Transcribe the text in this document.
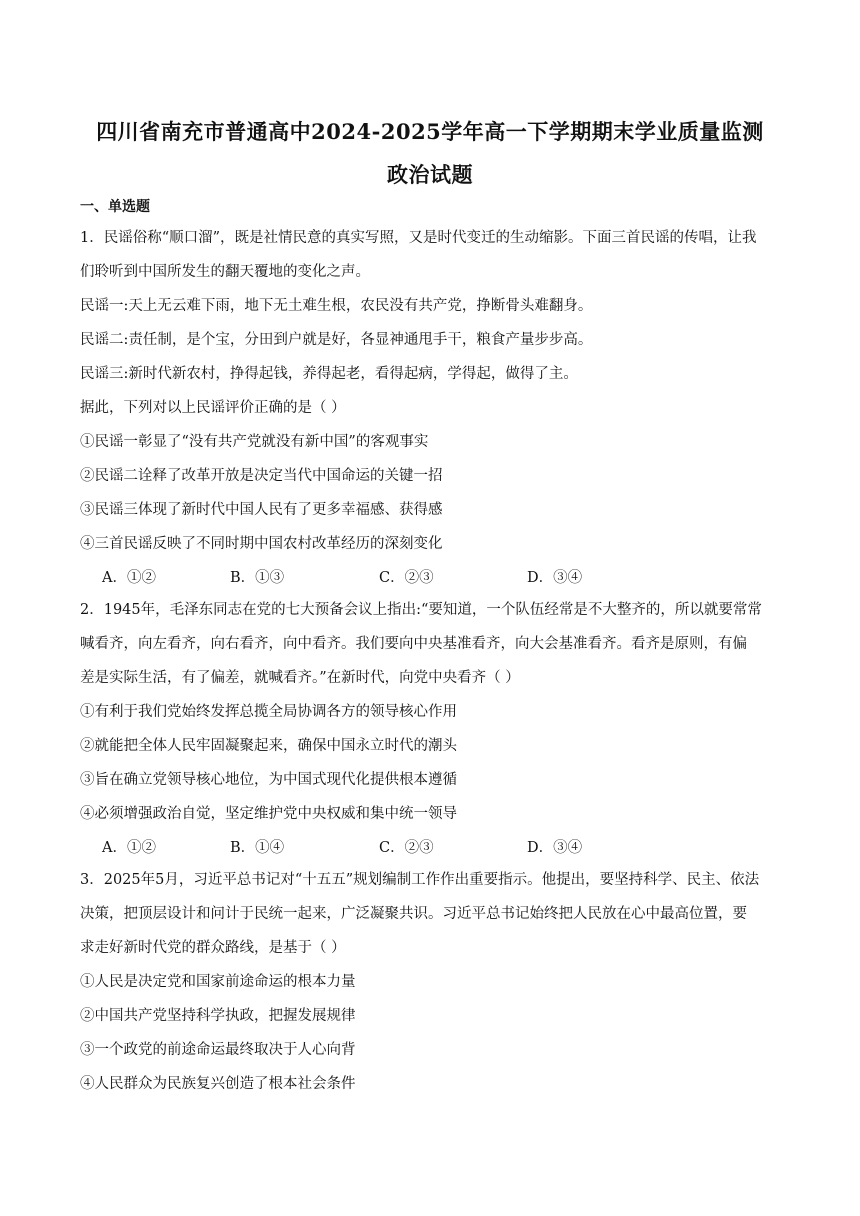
四川省南充市普通高中2024-2025学年高一下学期期末学业质量监测
政治试题
一、单选题
1．民谣俗称“顺口溜”，既是社情民意的真实写照，又是时代变迁的生动缩影。下面三首民谣的传唱，让我
们聆听到中国所发生的翻天覆地的变化之声。
民谣一:天上无云难下雨，地下无土难生根，农民没有共产党，挣断骨头难翻身。
民谣二:责任制，是个宝，分田到户就是好，各显神通甩手干，粮食产量步步高。
民谣三:新时代新农村，挣得起钱，养得起老，看得起病，学得起，做得了主。
据此，下列对以上民谣评价正确的是（ ）
①民谣一彰显了“没有共产党就没有新中国”的客观事实
②民谣二诠释了改革开放是决定当代中国命运的关键一招
③民谣三体现了新时代中国人民有了更多幸福感、获得感
④三首民谣反映了不同时期中国农村改革经历的深刻变化
A．①②	B．①③	C．②③	D．③④
2．1945年，毛泽东同志在党的七大预备会议上指出:“要知道，一个队伍经常是不大整齐的，所以就要常常
喊看齐，向左看齐，向右看齐，向中看齐。我们要向中央基准看齐，向大会基准看齐。看齐是原则，有偏
差是实际生活，有了偏差，就喊看齐。”在新时代，向党中央看齐（ ）
①有利于我们党始终发挥总揽全局协调各方的领导核心作用
②就能把全体人民牢固凝聚起来，确保中国永立时代的潮头
③旨在确立党领导核心地位，为中国式现代化提供根本遵循
④必须增强政治自觉，坚定维护党中央权威和集中统一领导
A．①②	B．①④	C．②③	D．③④
3．2025年5月，习近平总书记对“十五五”规划编制工作作出重要指示。他提出，要坚持科学、民主、依法
决策，把顶层设计和问计于民统一起来，广泛凝聚共识。习近平总书记始终把人民放在心中最高位置，要
求走好新时代党的群众路线，是基于（ ）
①人民是决定党和国家前途命运的根本力量
②中国共产党坚持科学执政，把握发展规律
③一个政党的前途命运最终取决于人心向背
④人民群众为民族复兴创造了根本社会条件
